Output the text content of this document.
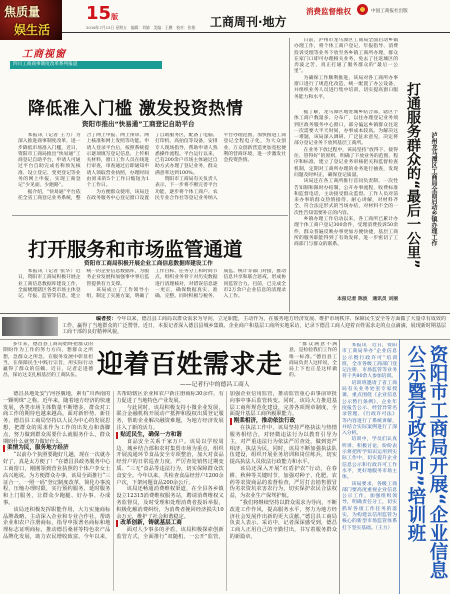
焦质量
娱生活
15版
2016年7月15日 星期五　编辑：刘婧　美编：王鹏　校对：张敏 工商周刊·地方
消费监督维权	中国工商报社出版
工商视窗
四川工商商事制度改革系列报道
降低准入门槛 激发投资热情
资阳市推出“快易通”工商登记自助平台

本报讯（记者 王力）为深入推进商事制度改革，进一步降低市场准入门槛，近日，资阳市工商局推出“快易通”工商登记自助平台，申请人可通过平台自助完成名称预先核准、设立登记、变更登记等业务的网上申报，实现工商登记“少见面、少跑路”。

据介绍，“快易通”平台依托全省工商登记业务系统，整合了网上申报、网上预审、网上核准和网上发照等功能。申请人登录平台后，按照系统提示逐项填写登记信息、上传相关材料，窗口工作人员在线进行审查，审查通过后即通知申请人领取营业执照，办理时间由原来的5个工作日缩短为1个工作日。

为方便群众使用，该局还在政务服务中心登记窗口设置了自助服务区，配备了电脑、打印机、高拍仪等设备，安排专人现场指导，帮助申请人熟悉操作流程。平台运行以来，已有200余户市场主体通过自助方式办理了登记业务，群众满意率达到100%。

资阳市工商局有关负责人表示，下一步将不断完善平台功能，逐步将个体工商户、农民专业合作社等登记业务纳入平台办理范围，加快推进工商登记全程电子化，为大众创业、万众创新营造更加宽松便利的营商环境，进一步激发社会投资热情。

打开服务和市场监管通道
资阳市工商局积极开展企业工商信息数据库建设工作

本报讯（记者 张华）近日，资阳市工商局积极开展企业工商信息数据库建设工作，全面梳理辖区各类市场主体登记、年报、监管等信息，建立统一的企业信息数据库，为服务企业发展和加强事中事后监管提供有力支撑。

该局成立了工作领导小组，制定了实施方案，明确了工作目标、任务分工和时间节点，组织业务骨干对历史数据进行清理核对，对错误信息逐一更正，确保数据真实、准确、完整。同时积极与税务、质监、统计等部门对接，推动信息共享和联合惩戒，形成协同监管合力。目前，已完成全市2万余户企业信息的清理录入工作。

日前，泸州市龙马潭区工商局全面启动乡镇办理工作，将个体工商户登记、年报指导、消费投诉受理等业务下放至各乡镇工商所办理，群众在家门口即可办理相关业务，免去了往返城区的奔波之苦，真正打通了服务群众的“最后一公里”。

为确保工作顺利推进，该局对各工商所办事窗口进行了规范化改造，统一配置了办公设备，并组织业务人员进行集中培训，切实提高窗口服务能力和水平。	打通服务群众的“最后一公里”	泸州龙马潭区工商局全面启动乡镇办理工作

据了解，龙马潭区地处城乡结合部，辖区个体工商户数量多、分布广，以往办理登记业务须到区政务服务中心窗口，部分偏远乡镇群众往返一次需要大半天时间，办事成本较高。为解决这一难题，该局深入调研、广泛征求意见，决定将部分登记业务下放到基层工商所。

在业务下放过程中，该局坚持“放得下、接得住、管得好”的原则，明确了下放业务的范围、程序和标准，建立了登记业务审核把关和监督检查机制，定期对工商所办理的业务进行抽查，发现问题及时纠正，确保登记质量。

该局还在各工商所推行首问负责制、一次性告知制和限时办结制，公开办事流程、收费标准和监督电话，主动接受群众监督。工作人员对前来办事的群众热情接待、耐心讲解，对材料齐全、符合法定形式的当场办结，对材料不全的一次性告知需要补正的内容。

乡镇办理工作启动以来，各工商所已累计办理个体工商户登记300余件，受理消费投诉50余件，群众普遍反映办事更加方便快捷，基层工商所的服务职能得到了有效发挥，进一步密切了工商部门与群众的联系。

本报记者 陈波　通讯员 刘丽

编者按：今年以来，德昌县工商局以群众需求为导向，立足职能，主动作为，在服务地方经济发展、维护市场秩序、保障民生安全等方面做了大量卓有成效的工作，赢得了当地群众的广泛赞誉。近日，本报记者深入德昌县城乡集镇、企业商户和基层工商所实地采访，记录下德昌工商人迎着百姓需求走的点点滴滴，展现新时期基层工商干部的良好精神风貌。

多年来，德昌县工商局始终把群众的期盼作为工作的努力方向，想群众之所想，急群众之所急，在服务发展中彰显担当，在保障民生中践行宗旨，用实际行动赢得了群众的信赖。近日，记者走进德昌，探访这支扎根基层的工商队伍。 迎着百姓需求走
——记者行中的德昌工商人

“群众满意不满意，是检验我们工作的唯一标准。”德昌县工商局负责人这样说，全局上下也正是这样做的。

德昌县地处安宁河谷腹地，素有“川西南的一颗明珠”之称。近年来，随着地方经济的快速发展，各类市场主体数量不断增多，群众对工商工作的期待也越来越高。面对新形势、新任务，德昌县工商局坚持以人民为中心的发展思想，把群众的需求作为工作的出发点和落脚点，努力做到群众需要什么就服务什么，群众期盼什么就努力做好什么。

柔情为民，服务地方经济

“以前办个执照要跑好几趟，现在一次就办好了，真是太方便了！”在德昌县政务服务中心工商窗口，刚刚领到营业执照的个体户李女士高兴地说。为方便群众办事，该局全面推行“三证合一、一照一码”登记制度改革，简化办事流程，压缩办理时限，实行预约服务、延时服务和上门服务，让群众少跑腿、好办事、办成事。

该局还积极发挥职能作用，大力实施商标品牌战略，主动深入企业和专业合作社，帮助企业和农户注册商标，指导申报著名商标和地理标志证明商标，推动德昌桑葚等特色农产品品牌化发展，助力农民增收致富。今年以来，共帮助辖区企业和农户新注册商标30余件，有力促进了当地特色产业发展。

与此同时，该局积极支持小微企业发展，联合金融机构开展动产抵押和股权出质登记服务，帮助企业解决融资难题，为地方经济发展注入了新的活力。

贴近民生，确保一方和谐

食品安全关系千家万户。该局以学校周边、城乡结合部和农村集贸市场为重点，组织开展流通环节食品安全专项整治，加大对食品经营户的日常巡查力度，严厉查处销售过期变质、“三无”食品等违法行为，切实保障群众饮食安全。今年以来，共检查食品经营户1200余户次，下架问题食品200余公斤。

该局还畅通消费维权渠道，在全县各乡镇设立12315消费维权服务站，聘请消费维权义务监督员，及时受理和处理消费者投诉举报，积极化解消费纠纷，为消费者挽回经济损失10余万元，维护了社会和谐稳定。

改革创新，铸就基层工商

面对人少事多的矛盾，该局积极探索创新监管方式，全面推行“双随机、一公开”监管，加强企业信用监管，推动监管重心由事前审批向事中事后监管转变。同时，该局大力推进基层工商所规范化建设，完善各项规章制度，全面提升基层工商所履职能力。

刚柔相济，推动依法行政

在执法工作中，该局坚持严格执法与热情服务相结合，对轻微违法行为以教育引导为主，对严重违法行为依法严厉查处，做到宽严相济、执法为民。同时，该局不断加强执法队伍建设，组织开展业务培训和岗位练兵，切实提高执法人员依法行政能力和水平。

该局还深入开展“红盾护农”行动，在春耕、秋种等关键时节，加强对种子、化肥、农药等农资商品的监督检查，严厉打击销售假冒伪劣农资坑农害农行为，切实保护农民合法权益，为农业生产保驾护航。

“我们将继续坚持以群众需求为导向，不断改进工作作风，提高服务水平，努力为地方经济社会发展作出新的更大贡献。”德昌县工商局负责人表示。采访中，记者深深感受到，德昌工商人正用自己的辛勤付出，书写着服务群众的新篇章。

本报讯　近日，资阳市工商局举办“企业信息公示暨行政许可”培训班，全市各级工商部门登记注册、市场监管等业务骨干共80余人参加培训。

培训班邀请了省工商局有关业务处室专家授课，重点围绕《企业信息公示暂行条例》、企业年度报告公示、经营异常名录管理、《行政许可法》等内容进行了系统讲解，并结合实际案例进行了深入分析。

培训中，学员们认真听讲、积极讨论，纷纷表示将把所学知识运用到实际工作中，切实提升企业信息公示和行政许可工作水平，更好地服务市场主体。

该局要求，各级工商部门要高度重视企业信息公示工作，加强组织领导，明确责任分工，切实抓好各项工作任务的落实，为构建以信用监管为核心的新型市场监管体系打下坚实基础。（王力）	资阳市工商局开展“企业信息公示暨行政许可”培训班
